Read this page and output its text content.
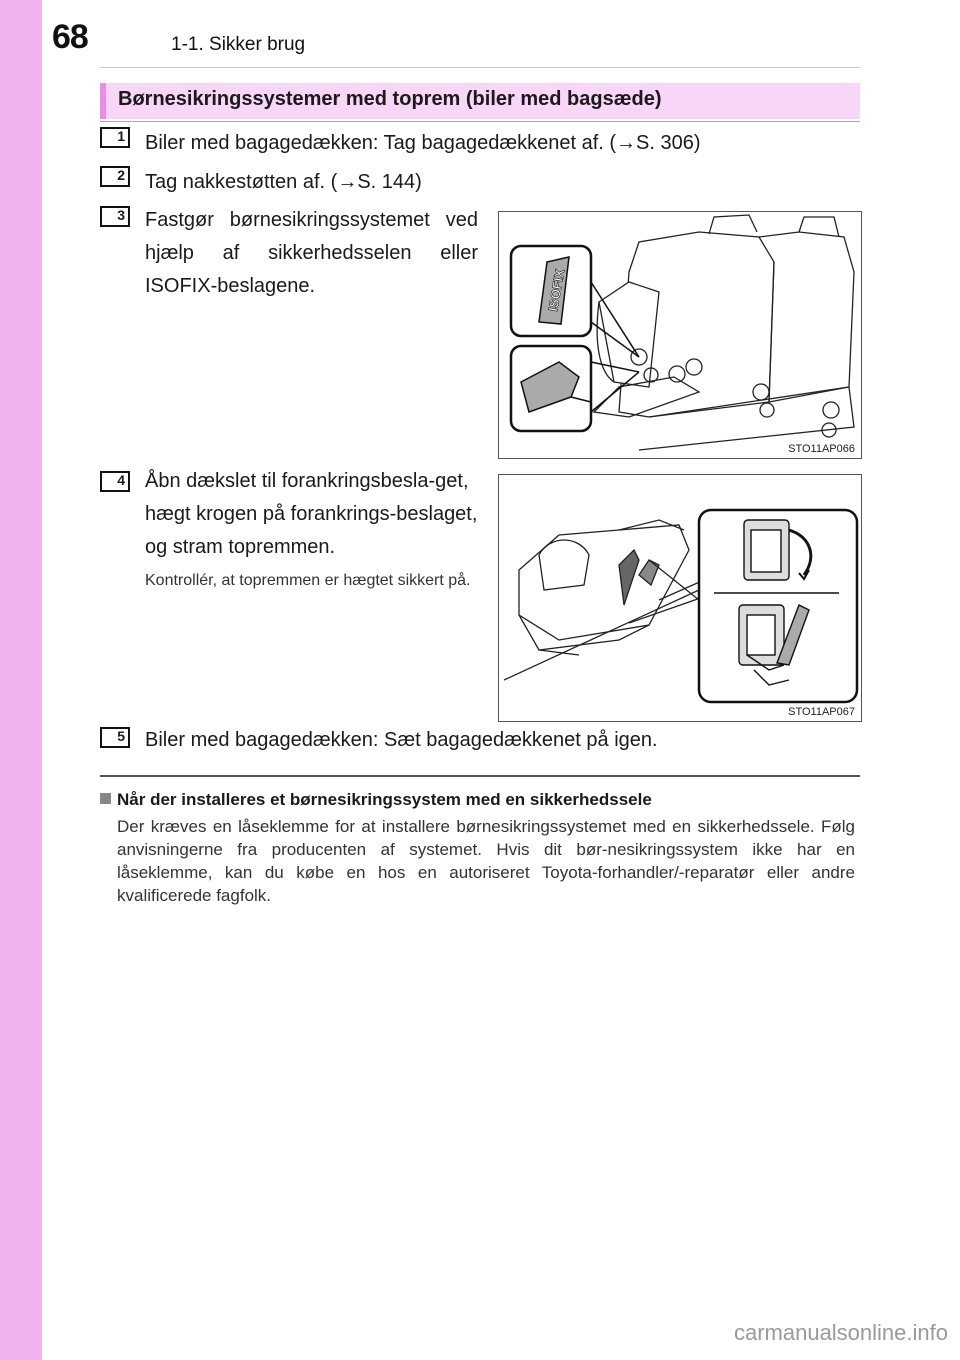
68	1-1. Sikker brug
Børnesikringssystemer med toprem (biler med bagsæde)
1 Biler med bagagedækken: Tag bagagedækkenet af. (→S. 306)
2 Tag nakkestøtten af. (→S. 144)
3 Fastgør børnesikringssystemet ved hjælp af sikkerhedsselen eller ISOFIX-beslagene.	ISOFIX
STO11AP066
4 Åbn dækslet til forankringsbesla-get, hægt krogen på forankrings-beslaget, og stram topremmen.
Kontrollér, at topremmen er hægtet sikkert på.
STO11AP067
5 Biler med bagagedækken: Sæt bagagedækkenet på igen.
Når der installeres et børnesikringssystem med en sikkerhedssele
Der kræves en låseklemme for at installere børnesikringssystemet med en sikkerhedssele. Følg anvisningerne fra producenten af systemet. Hvis dit bør-nesikringssystem ikke har en låseklemme, kan du købe en hos en autoriseret Toyota-forhandler/-reparatør eller andre kvalificerede fagfolk.
carmanualsonline.info
